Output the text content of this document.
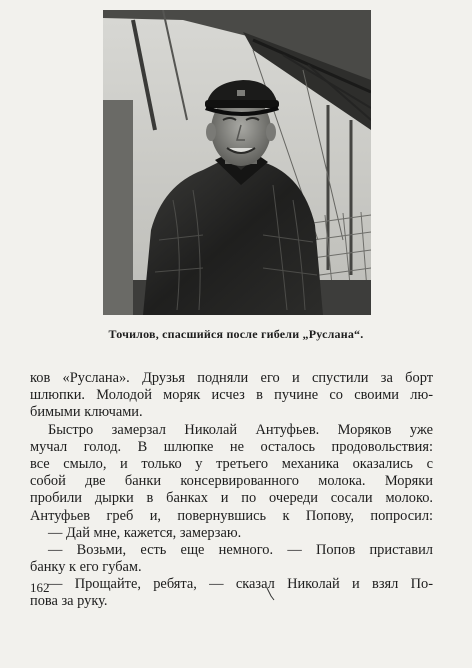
Точилов, спасшийся после гибели „Руслана“.
ков «Руслана». Друзья подняли его и спустили за борт
шлюпки. Молодой моряк исчез в пучине со своими лю-
бимыми ключами.
Быстро замерзал Николай Антуфьев. Моряков уже
мучал голод. В шлюпке не осталось продовольствия:
все смыло, и только у третьего механика оказались с
собой две банки консервированного молока. Моряки
пробили дырки в банках и по очереди сосали молоко.
Антуфьев греб и, повернувшись к Попову, попросил:
— Дай мне, кажется, замерзаю.
— Возьми, есть еще немного. — Попов приставил
банку к его губам.
— Прощайте, ребята, — сказал Николай и взял По-
пова за руку.
162
